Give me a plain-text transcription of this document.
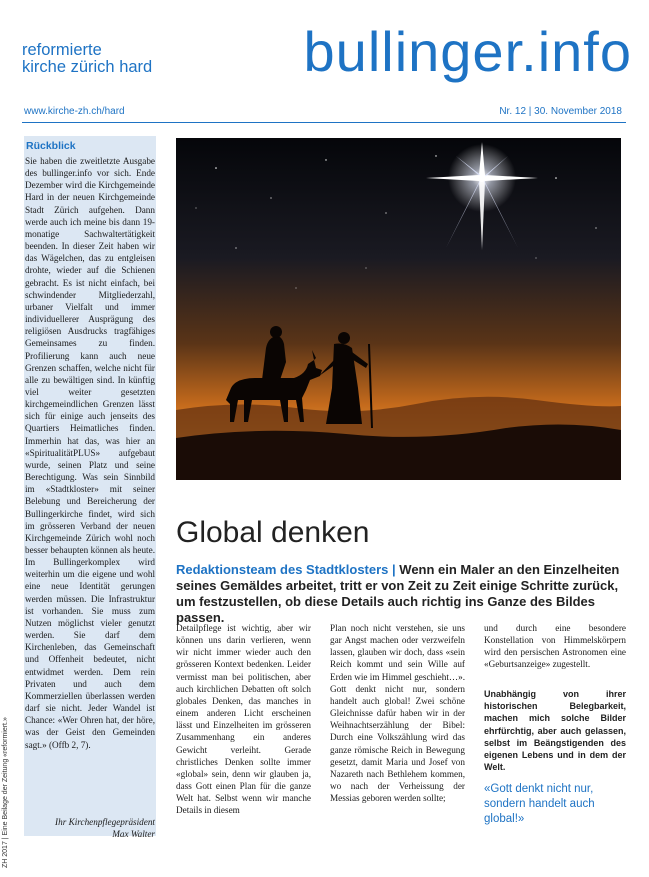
reformierte
kirche zürich hard	bullinger.info
www.kirche-zh.ch/hard	Nr. 12 | 30. November 2018
Rückblick

Sie haben die zweitletzte Ausgabe des bullinger.info vor sich. Ende Dezember wird die Kirchgemeinde Hard in der neuen Kirchgemeinde Stadt Zürich aufgehen. Dann werde auch ich meine bis dann 19-monatige Sachwaltertätigkeit beenden. In dieser Zeit haben wir das Wägelchen, das zu entgleisen drohte, wieder auf die Schienen gebracht. Es ist nicht einfach, bei schwindender Mitgliederzahl, urbaner Vielfalt und immer individuellerer Ausprägung des religiösen Ausdrucks tragfähiges Gemeinsames zu finden. Profilierung kann auch neue Grenzen schaffen, welche nicht für alle zu bewältigen sind. In künftig viel weiter gesetzten kirchgemeindlichen Grenzen lässt sich für einige auch jenseits des Quartiers Heimatliches finden. Immerhin hat das, was hier an «SpiritualitätPLUS» aufgebaut wurde, seinen Platz und seine Berechtigung. Was sein Sinnbild im «Stadtkloster» mit seiner Belebung und Bereicherung der Bullingerkirche findet, wird sich im grösseren Verband der neuen Kirchgemeinde Zürich wohl noch besser behaupten können als heute. Im Bullingerkomplex wird weiterhin um die eigene und wohl eine neue Identität gerungen werden müssen. Die Infrastruktur ist vorhanden. Sie muss zum Nutzen möglichst vieler genutzt werden. Sie darf dem Kirchenleben, das Gemeinschaft und Offenheit bedeutet, nicht entwidmet werden. Dem rein Privaten und auch dem Kommerziellen überlassen werden darf sie nicht. Jeder Wandel ist Chance: «Wer Ohren hat, der höre, was der Geist den Gemeinden sagt.» (Offb 2, 7).

Ihr Kirchenpflegepräsident
Max Walter
ZH 2017 | Eine Beilage der Zeitung «reformiert.»
Global denken
Redaktionsteam des Stadtklosters | Wenn ein Maler an den Einzelheiten seines Gemäldes arbeitet, tritt er von Zeit zu Zeit einige Schritte zurück, um festzustellen, ob diese Details auch richtig ins Ganze des Bildes passen.

Detailpflege ist wichtig, aber wir können uns darin verlieren, wenn wir nicht immer wieder auch den grösseren Kontext bedenken. Leider vermisst man bei politischen, aber auch kirchlichen Debatten oft solch globales Denken, das manches in einem anderen Licht erscheinen lässt und Einzelheiten im grösseren Zusammenhang ein anderes Gewicht verleiht. Gerade christliches Denken sollte immer «global» sein, denn wir glauben ja, dass Gott einen Plan für die ganze Welt hat. Selbst wenn wir manche Details in diesem

Plan noch nicht verstehen, sie uns gar Angst machen oder verzweifeln lassen, glauben wir doch, dass «sein Reich kommt und sein Wille auf Erden wie im Himmel geschieht…». Gott denkt nicht nur, sondern handelt auch global! Zwei schöne Gleichnisse dafür haben wir in der Weihnachtserzählung der Bibel: Durch eine Volkszählung wird das ganze römische Reich in Bewegung gesetzt, damit Maria und Josef von Nazareth nach Bethlehem kommen, wo nach der Verheissung der Messias geboren werden sollte;

und durch eine besondere Konstellation von Himmelskörpern wird den persischen Astronomen eine «Geburtsanzeige» zugestellt.

Unabhängig von ihrer historischen Belegbarkeit, machen mich solche Bilder ehrfürchtig, aber auch gelassen, selbst im Beängstigenden des eigenen Lebens und in dem der Welt.
«Gott denkt nicht nur, sondern handelt auch global!»
